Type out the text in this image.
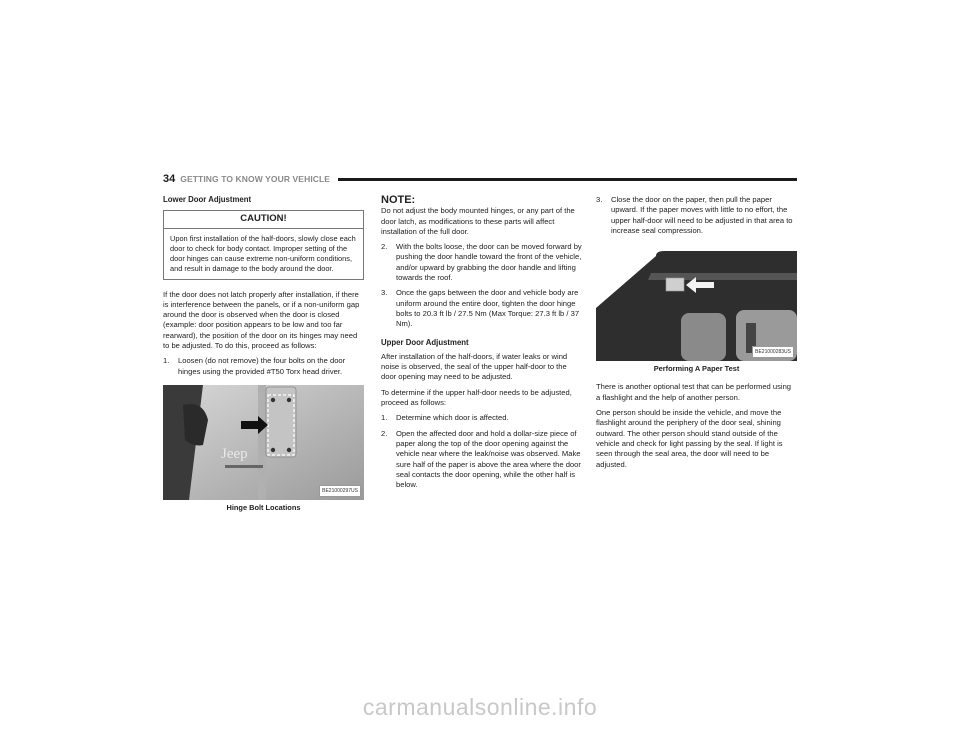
34 GETTING TO KNOW YOUR VEHICLE
Lower Door Adjustment
CAUTION!
Upon first installation of the half-doors, slowly close each door to check for body contact. Improper setting of the door hinges can cause extreme non-uniform conditions, and result in damage to the body around the door.

If the door does not latch properly after installation, if there is interference between the panels, or if a non-uniform gap around the door is observed when the door is closed (example: door position appears to be low and too far rearward), the position of the door on its hinges may need to be adjusted. To do this, proceed as follows:

1.	Loosen (do not remove) the four bolts on the door hinges using the provided #T50 Torx head driver.
Jeep
BE21000297US
Hinge Bolt Locations
NOTE:

Do not adjust the body mounted hinges, or any part of the door latch, as modifications to these parts will affect installation of the full door.

2.	With the bolts loose, the door can be moved forward by pushing the door handle toward the front of the vehicle, and/or upward by grabbing the door handle and lifting towards the roof.
3.	Once the gaps between the door and vehicle body are uniform around the entire door, tighten the door hinge bolts to 20.3 ft lb / 27.5 Nm (Max Torque: 27.3 ft lb / 37 Nm).
Upper Door Adjustment

After installation of the half-doors, if water leaks or wind noise is observed, the seal of the upper half-door to the door opening may need to be adjusted.

To determine if the upper half-door needs to be adjusted, proceed as follows:

1.	Determine which door is affected.
2.	Open the affected door and hold a dollar-size piece of paper along the top of the door opening against the vehicle near where the leak/noise was observed. Make sure half of the paper is above the area where the door seal contacts the door opening, while the other half is below.
3.	Close the door on the paper, then pull the paper upward. If the paper moves with little to no effort, the upper half-door will need to be adjusted in that area to increase seal compression.
BE21000283US
Performing A Paper Test

There is another optional test that can be performed using a flashlight and the help of another person.

One person should be inside the vehicle, and move the flashlight around the periphery of the door seal, shining outward. The other person should stand outside of the vehicle and check for light passing by the seal. If light is seen through the seal area, the door will need to be adjusted.

carmanualsonline.info
